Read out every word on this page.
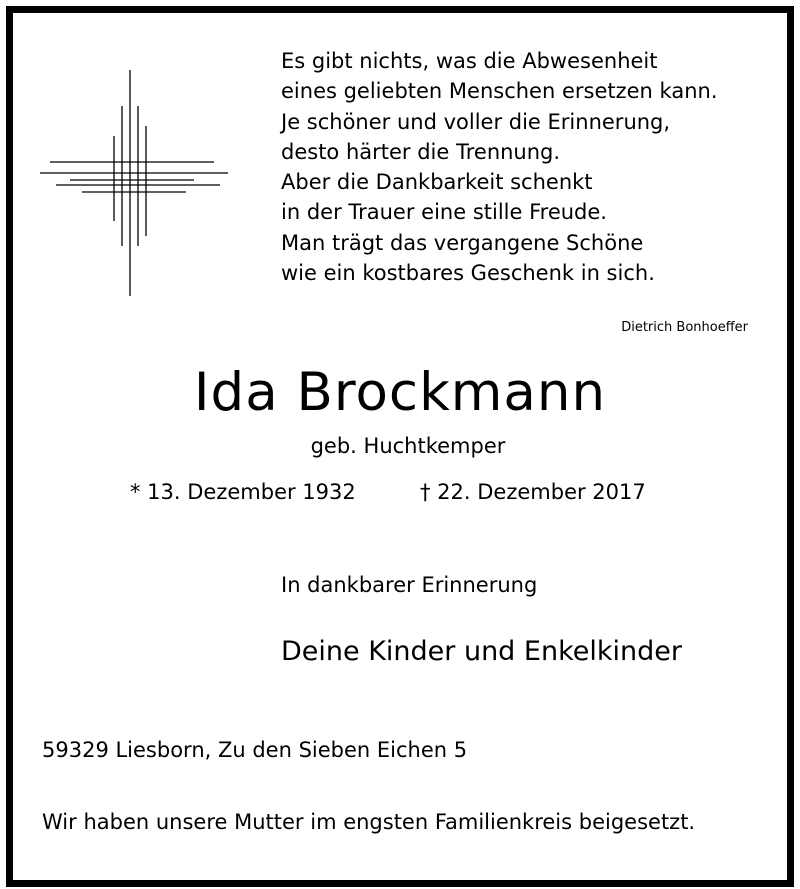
Es gibt nichts, was die Abwesenheit
eines geliebten Menschen ersetzen kann.
Je schöner und voller die Erinnerung,
desto härter die Trennung.
Aber die Dankbarkeit schenkt
in der Trauer eine stille Freude.
Man trägt das vergangene Schöne
wie ein kostbares Geschenk in sich.
Dietrich Bonhoeffer
Ida Brockmann
geb. Huchtkemper
* 13. Dezember 1932	† 22. Dezember 2017
In dankbarer Erinnerung
Deine Kinder und Enkelkinder
59329 Liesborn, Zu den Sieben Eichen 5
Wir haben unsere Mutter im engsten Familienkreis beigesetzt.
